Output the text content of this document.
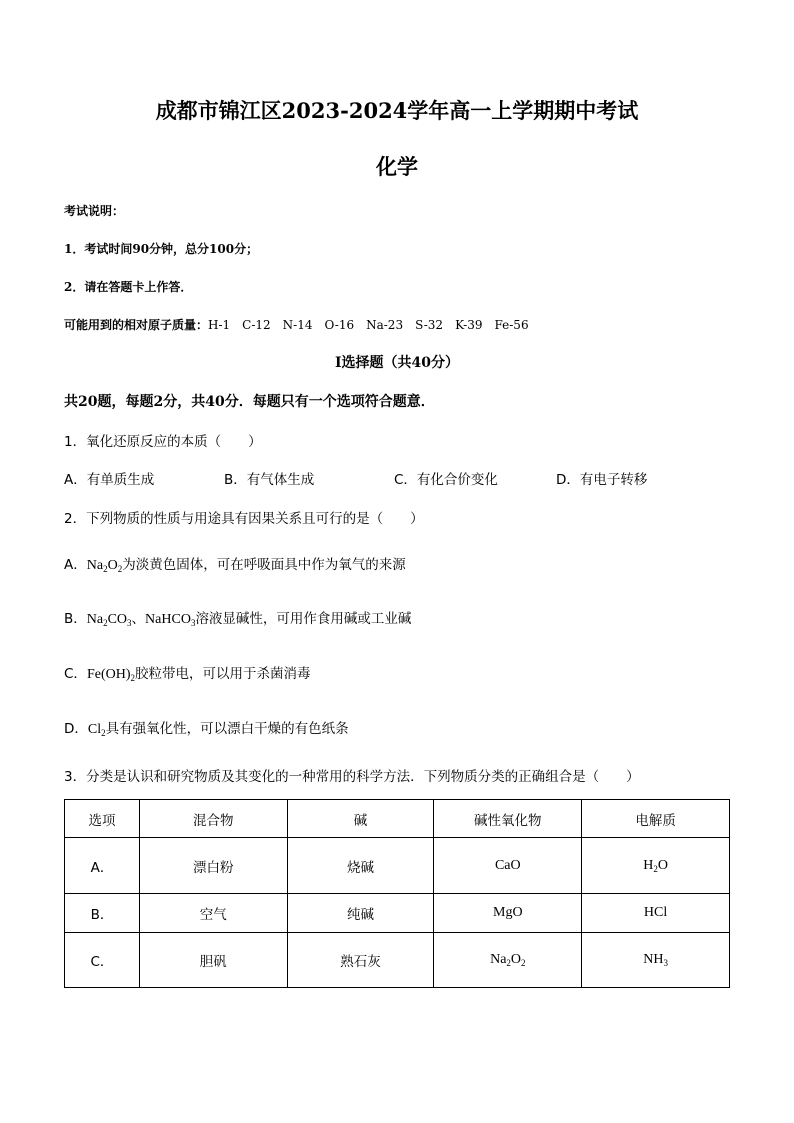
成都市锦江区2023-2024学年高一上学期期中考试
化学
考试说明：
1．考试时间90分钟，总分100分；
2．请在答题卡上作答．
可能用到的相对原子质量：H-1　C-12　N-14　O-16　Na-23　S-32　K-39　Fe-56
Ⅰ选择题（共40分）
共20题，每题2分，共40分．每题只有一个选项符合题意．
1．氧化还原反应的本质（　　）
A．有单质生成	B．有气体生成	C．有化合价变化	D．有电子转移
2．下列物质的性质与用途具有因果关系且可行的是（　　）
A．$Na_2O_2$为淡黄色固体，可在呼吸面具中作为氧气的来源
B．$Na_2CO_3$、NaHCO$_3$溶液显碱性，可用作食用碱或工业碱
C．$Fe(OH)_2$胶粒带电，可以用于杀菌消毒
D．$Cl_2$具有强氧化性，可以漂白干燥的有色纸条
3．分类是认识和研究物质及其变化的一种常用的科学方法．下列物质分类的正确组合是（　　）
选项	混合物	碱	碱性氧化物	电解质
A．	漂白粉	烧碱	CaO	$H_2O$
B．	空气	纯碱	MgO	HCl
C．	胆矾	熟石灰	$Na_2O_2$	$NH_3$
